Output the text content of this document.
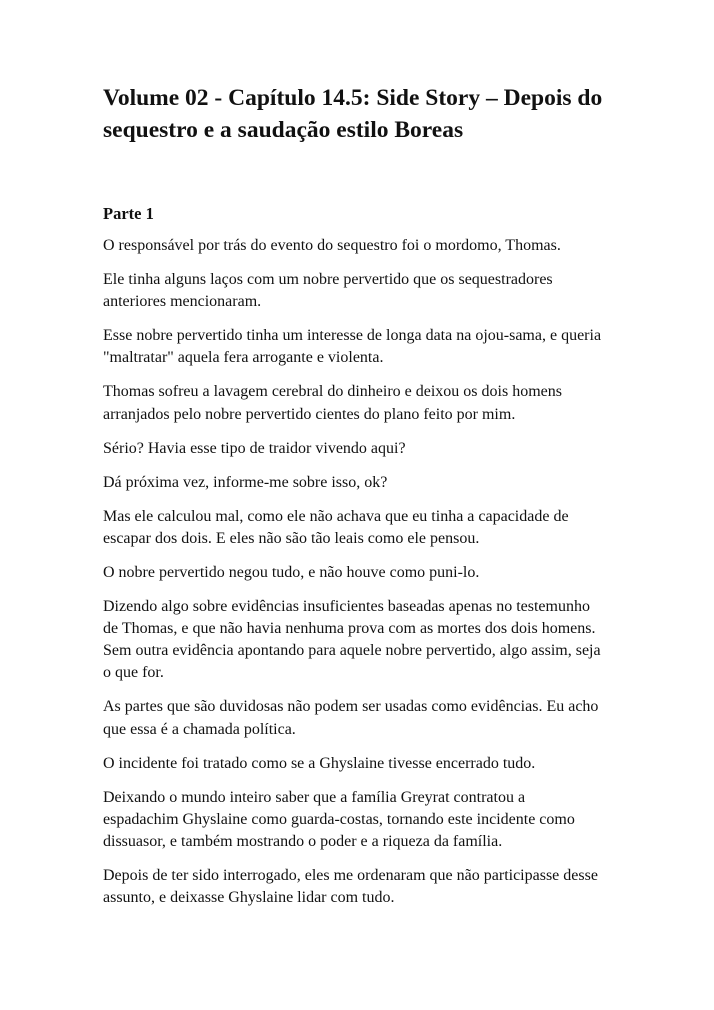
Volume 02 - Capítulo 14.5: Side Story – Depois do sequestro e a saudação estilo Boreas
Parte 1

O responsável por trás do evento do sequestro foi o mordomo, Thomas.

Ele tinha alguns laços com um nobre pervertido que os sequestradores anteriores mencionaram.

Esse nobre pervertido tinha um interesse de longa data na ojou-sama, e queria "maltratar" aquela fera arrogante e violenta.

Thomas sofreu a lavagem cerebral do dinheiro e deixou os dois homens arranjados pelo nobre pervertido cientes do plano feito por mim.

Sério? Havia esse tipo de traidor vivendo aqui?

Dá próxima vez, informe-me sobre isso, ok?

Mas ele calculou mal, como ele não achava que eu tinha a capacidade de escapar dos dois. E eles não são tão leais como ele pensou.

O nobre pervertido negou tudo, e não houve como puni-lo.

Dizendo algo sobre evidências insuficientes baseadas apenas no testemunho de Thomas, e que não havia nenhuma prova com as mortes dos dois homens. Sem outra evidência apontando para aquele nobre pervertido, algo assim, seja o que for.

As partes que são duvidosas não podem ser usadas como evidências. Eu acho que essa é a chamada política.

O incidente foi tratado como se a Ghyslaine tivesse encerrado tudo.

Deixando o mundo inteiro saber que a família Greyrat contratou a espadachim Ghyslaine como guarda-costas, tornando este incidente como dissuasor, e também mostrando o poder e a riqueza da família.

Depois de ter sido interrogado, eles me ordenaram que não participasse desse assunto, e deixasse Ghyslaine lidar com tudo.
